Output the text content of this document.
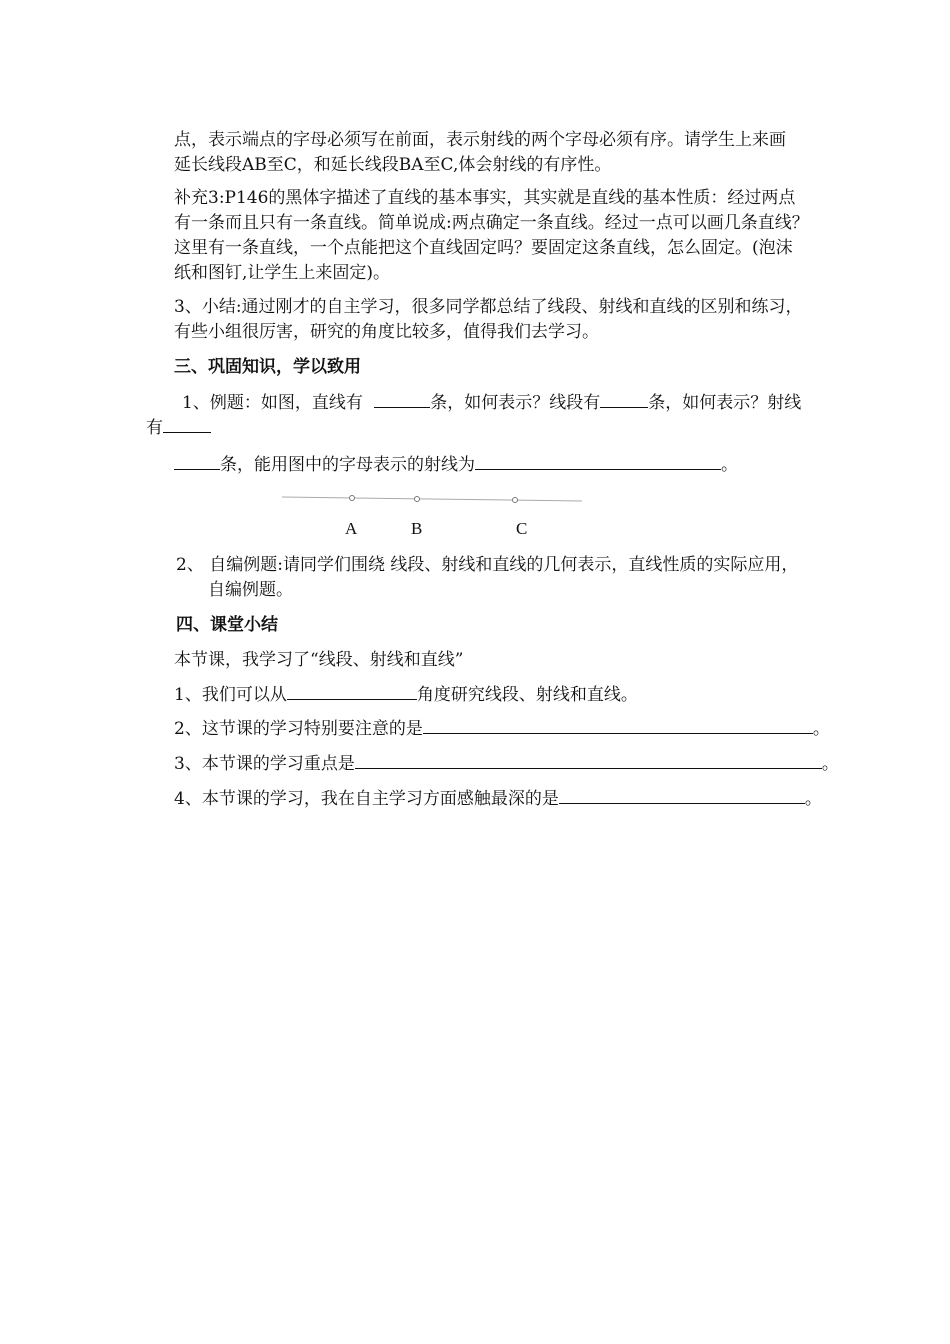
点，表示端点的字母必须写在前面，表示射线的两个字母必须有序。请学生上来画
延长线段AB至C，和延长线段BA至C,体会射线的有序性。
补充3:P146的黑体字描述了直线的基本事实，其实就是直线的基本性质：经过两点
有一条而且只有一条直线。简单说成:两点确定一条直线。经过一点可以画几条直线？
这里有一条直线，一个点能把这个直线固定吗？要固定这条直线，怎么固定。(泡沫
纸和图钉,让学生上来固定)。
3、小结:通过刚才的自主学习，很多同学都总结了线段、射线和直线的区别和练习，
有些小组很厉害，研究的角度比较多，值得我们去学习。
三、巩固知识，学以致用
1、例题：如图，直线有	条，如何表示？线段有	条，如何表示？射线
有
条，能用图中的字母表示的射线为	。
A	B	C
2、 自编例题:请同学们围绕 线段、射线和直线的几何表示，直线性质的实际应用，
自编例题。
四、课堂小结
本节课，我学习了“线段、射线和直线”
1、我们可以从	角度研究线段、射线和直线。
2、这节课的学习特别要注意的是	。
3、本节课的学习重点是	。
4、本节课的学习，我在自主学习方面感触最深的是	。
